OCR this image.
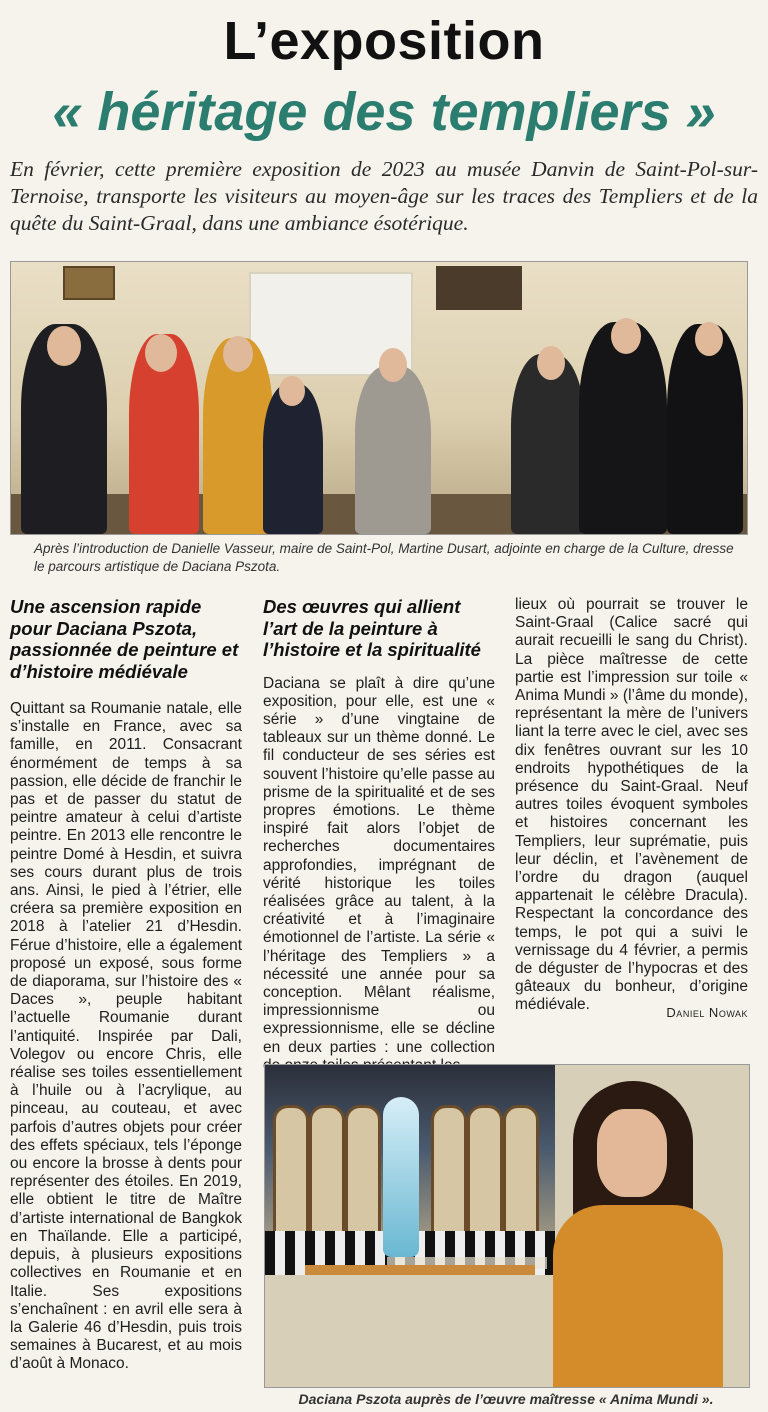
L’exposition
« héritage des templiers »
En février, cette première exposition de 2023 au musée Danvin de Saint-Pol-sur-Ternoise, transporte les visiteurs au moyen-âge sur les traces des Templiers et de la quête du Saint-Graal, dans une ambiance ésotérique.
Après l’introduction de Danielle Vasseur, maire de Saint-Pol, Martine Dusart, adjointe en charge de la Culture, dresse le parcours artistique de Daciana Pszota.
Une ascension rapide pour Daciana Pszota, passionnée de peinture et d’histoire médiévale

Quittant sa Roumanie natale, elle s’installe en France, avec sa famille, en 2011. Consacrant énormément de temps à sa passion, elle décide de franchir le pas et de passer du statut de peintre amateur à celui d’artiste peintre. En 2013 elle rencontre le peintre Domé à Hesdin, et suivra ses cours durant plus de trois ans. Ainsi, le pied à l’étrier, elle créera sa première exposition en 2018 à l’atelier 21 d’Hesdin. Férue d’histoire, elle a également proposé un exposé, sous forme de diaporama, sur l’histoire des « Daces », peuple habitant l’actuelle Roumanie durant l’antiquité. Inspirée par Dali, Volegov ou encore Chris, elle réalise ses toiles essentiellement à l’huile ou à l’acrylique, au pinceau, au couteau, et avec parfois d’autres objets pour créer des effets spéciaux, tels l’éponge ou encore la brosse à dents pour représenter des étoiles. En 2019, elle obtient le titre de Maître d’artiste international de Bangkok en Thaïlande. Elle a participé, depuis, à plusieurs expositions collectives en Roumanie et en Italie. Ses expositions s’enchaînent : en avril elle sera à la Galerie 46 d’Hesdin, puis trois semaines à Bucarest, et au mois d’août à Monaco.

Des œuvres qui allient l’art de la peinture à l’histoire et la spiritualité

Daciana se plaît à dire qu’une exposition, pour elle, est une « série » d’une vingtaine de tableaux sur un thème donné. Le fil conducteur de ses séries est souvent l’histoire qu’elle passe au prisme de la spiritualité et de ses propres émotions. Le thème inspiré fait alors l’objet de recherches documentaires approfondies, imprégnant de vérité historique les toiles réalisées grâce au talent, à la créativité et à l’imaginaire émotionnel de l’artiste. La série « l’héritage des Templiers » a nécessité une année pour sa conception. Mêlant réalisme, impressionnisme ou expressionnisme, elle se décline en deux parties : une collection

lieux où pourrait se trouver le Saint-Graal (Calice sacré qui aurait recueilli le sang du Christ). La pièce maîtresse de cette partie est l’impression sur toile « Anima Mundi » (l’âme du monde), représentant la mère de l’univers liant la terre avec le ciel, avec ses dix fenêtres ouvrant sur les 10 endroits hypothétiques de la présence du Saint-Graal. Neuf autres toiles évoquent symboles et histoires concernant les Templiers, leur suprématie, puis leur déclin, et l’avènement de l’ordre du dragon (auquel appartenait le célèbre Dracula). Respectant la concordance des temps, le pot qui a suivi le vernissage du 4 février, a permis de déguster de l’hypocras et des gâteaux du bonheur, d’origine médiévale.	Daniel Nowak
Daciana Pszota auprès de l’œuvre maîtresse « Anima Mundi ».
